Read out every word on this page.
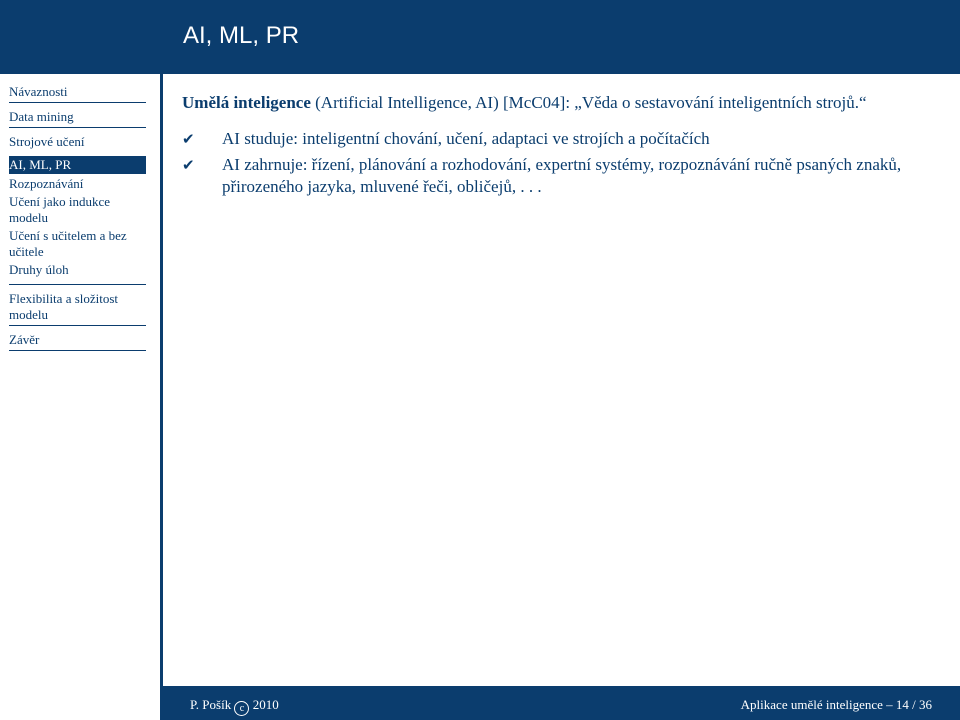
Návaznosti
Data mining
Strojové učení
AI, ML, PR
Rozpoznávání
Učení jako indukce modelu
Učení s učitelem a bez učitele
Druhy úloh
Flexibilita a složitost modelu
Závěr
AI, ML, PR

Umělá inteligence (Artificial Intelligence, AI) [McC04]: „Věda o sestavování inteligentních strojů.“

✔ AI studuje: inteligentní chování, učení, adaptaci ve strojích a počítačích
✔ AI zahrnuje: řízení, plánování a rozhodování, expertní systémy, rozpoznávání ručně psaných znaků, přirozeného jazyka, mluvené řeči, obličejů, . . .
P. Pošík c 2010	Aplikace umělé inteligence – 14 / 36
